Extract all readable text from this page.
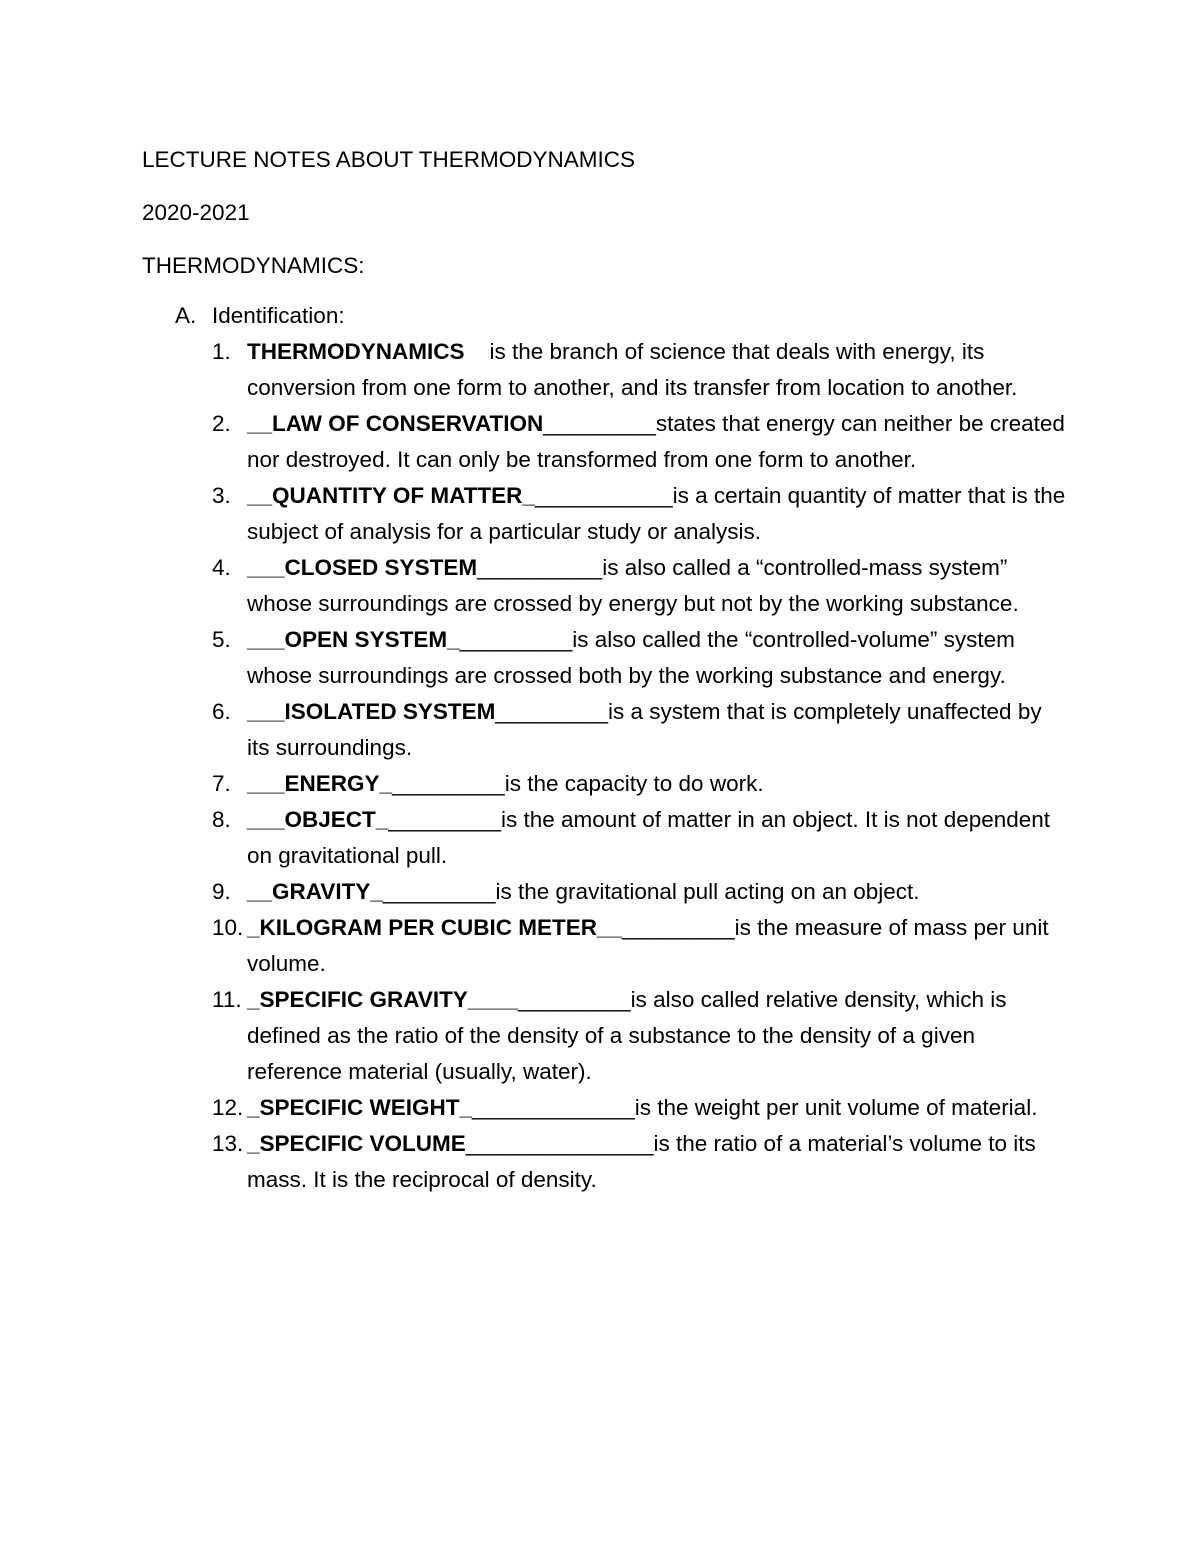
LECTURE NOTES ABOUT THERMODYNAMICS
2020-2021
THERMODYNAMICS:
A. Identification:
1. THERMODYNAMICS is the branch of science that deals with energy, its conversion from one form to another, and its transfer from location to another.
2. __LAW OF CONSERVATION_________states that energy can neither be created nor destroyed. It can only be transformed from one form to another.
3. __QUANTITY OF MATTER____________is a certain quantity of matter that is the subject of analysis for a particular study or analysis.
4. ___CLOSED SYSTEM__________is also called a “controlled-mass system” whose surroundings are crossed by energy but not by the working substance.
5. ___OPEN SYSTEM__________is also called the “controlled-volume” system whose surroundings are crossed both by the working substance and energy.
6. ___ISOLATED SYSTEM_________is a system that is completely unaffected by its surroundings.
7. ___ENERGY__________is the capacity to do work.
8. ___OBJECT__________is the amount of matter in an object. It is not dependent on gravitational pull.
9. __GRAVITY__________is the gravitational pull acting on an object.
10. _KILOGRAM PER CUBIC METER___________is the measure of mass per unit volume.
11. _SPECIFIC GRAVITY_____________is also called relative density, which is defined as the ratio of the density of a substance to the density of a given reference material (usually, water).
12. _SPECIFIC WEIGHT______________is the weight per unit volume of material.
13. _SPECIFIC VOLUME_______________is the ratio of a material’s volume to its mass. It is the reciprocal of density.
